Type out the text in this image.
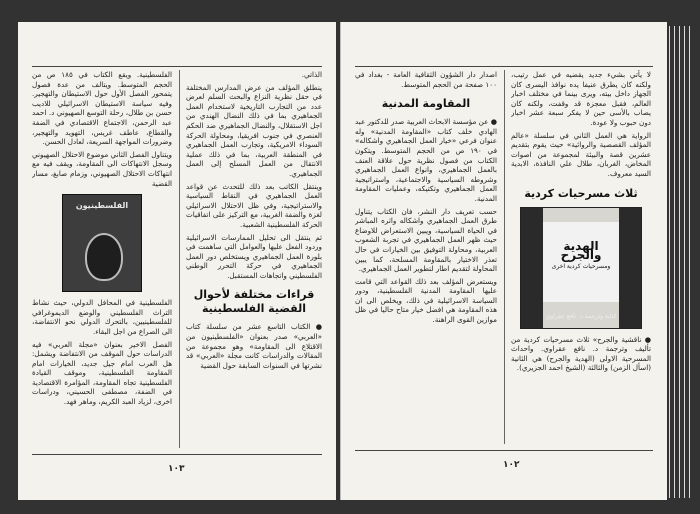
الذاتي.

ينطلق المؤلف من عرض المدارس المختلفة في حقل نظرية النزاع والبحث السلم لعرض عدد من التجارب التاريخية لاستخدام العمل الجماهيري بما في ذلك النضال الهندي من اجل الاستقلال، والنضال الجماهيري ضد الحكم العنصري في جنوب افريقيا، ومحاولة الحركة السوداء الامريكية، وتجارب العمل الجماهيري في المنطقة العربية، بما في ذلك عملية الانتقال من العمل المسلح إلى العمل الجماهيري.

وينتقل الكاتب بعد ذلك للتحدث عن قواعد العمل الجماهيري في النقاط السياسية والاستراتيجية، وفي ظل الاحتلال الاسرائيلي لغزة والضفة الغربية، مع التركيز على اتفاقيات الحركة الفلسطينية الشعبية.

ثم ينتقل الى تحليل الممارسات الاسرائيلية وردود الفعل عليها والعوامل التي ساهمت في بلورة العمل الجماهيري ويستخلص دور العمل الجماهيري في حركة التحرر الوطني الفلسطيني واتجاهات المستقبل.

قراءات مختلفة لأحوال القضية الفلسطينية

● الكتاب التاسع عشر من سلسلة كتاب «العربي» صدر بعنوان «الفلسطينيون من الاقتلاع الى المقاومة» وهو مجموعة من المقالات والدراسات كانت مجلة «العربي» قد نشرتها في السنوات السابقة حول القضية

الفلسطينية. ويقع الكتاب في ١٨٥ ص من الحجم المتوسط. ويتالف من عدة فصول يتمحور الفصل الأول حول الاستيطان والتهجير. وفيه سياسة الاستيطان الاسرائيلي للاديب حسن بن طلال، رحلة التوسع الصهيوني د. احمد عبد الرحمن، الاجتماع الاقتصادي في الضفة والقطاع، عاطف غريس، التهويد والتهجير، وضرورات المواجهة السريعة، لعادل الحسن.

ويتناول الفصل الثاني موضوع الاحتلال الصهيوني وسجل الانتهاكات الى المقاومة، ويقف فيه مع انتهاكات الاحتلال الصهيوني، وزمام صابغ، مسار القضية

الفلسطينيون

الفلسطينية في المحافل الدولي، حيث نشاط التراث الفلسطيني والوضع الديموغرافي للفلسطينيين، بالتحرك الدولي نحو الانتفاضة، الى الصراع من اجل البقاء.

الفصل الاخير بعنوان «مجلة العربي» فيه الدراسات حول الموقف من الانتفاضة ويشمل: هل العرب امام جيل جديد، الخيارات امام المقاومة الفلسطينية، وموقف القيادة الفلسطينية تجاه المقاومة، المؤامرة الاقتصادية في الضفة، مصطفى الحسيني، ودراسات اخرى، لزياد العبد الكريم، وماهر فهد.

١٠٣

لا يأتي بشيء جديد يقضيه في عمل رتيب، ولكنه كان يطرق عنيفا يده نوافذ اليسرى كان الجهاز داخل بيته، ويرى بينما في مختلف اخبار العالم، فقبل معجزة قد وقفت، ولكنه كان يصاب بالأسى حين لا يفكر سبعة عشر اخبار دون حبوب ولا عودة.

الرواية هي العمل الثاني في سلسلة «عالم المؤلف القصصية والروائية» حيث يقوم بتقديم عشرين قصة والبيئة لمجموعة من اصوات المخاض، الغربان، طلال علي النافذة، الابدية السيد معروف.

ثلاث مسرحيات كردية
الهدية والجرح
ومسرحيات كردية اخرى
كتابة وترجمة د. نافع عقراوي

● ناقشية والجرح» ثلاث مسرحيات كردية من تأليف وترجمة د. نافع عقراوي. واحداث المسرحية الاولى (الهدية والجرح) هي الثانية (اسأل الزمن) والثالثة (الشيخ احمد الجزيري).

اصدار دار الشؤون الثقافية العامة - بغداد في ١٠٠ صفحة من الحجم المتوسط.

المقاومة المدنية

● عن مؤسسة الابحاث العربية صدر للدكتور عبد الهادي خلف كتاب «المقاومة المدنية» وله عنوان فرعي «خيار العمل الجماهيري واشكاله» في ١٩٠ ص من الحجم المتوسط. ويتكون الكتاب من فصول نظرية حول علاقة العنف بالعمل الجماهيري، وانواع العمل الجماهيري وشروطه السياسية والاجتماعية، واستراتيجية العمل الجماهيري وتكتيكه، وعمليات المقاومة المدنية.

حسب تعريف دار النشر، فان الكتاب يتناول طرق العمل الجماهيري واشكاله واثره المباشر في الحياة السياسية، ويبين الاستعراض للاوضاع حيث ظهر العمل الجماهيري في تجربة الشعوب العربية، ومحاولة التوفيق بين الخيارات في حال تعذر الاختيار بالمقاومة المسلحة، كما يبين المحاولة لتقديم اطار لتطوير العمل الجماهيري.

ويستعرض المؤلف بعد ذلك القواعد التي قامت عليها المقاومة المدنية الفلسطينية، ودور السياسة الاسرائيلية في ذلك، ويخلص الى ان هذه المقاومة هي افضل خيار متاح حاليا في ظل موازين القوى الراهنة.

١٠٢
